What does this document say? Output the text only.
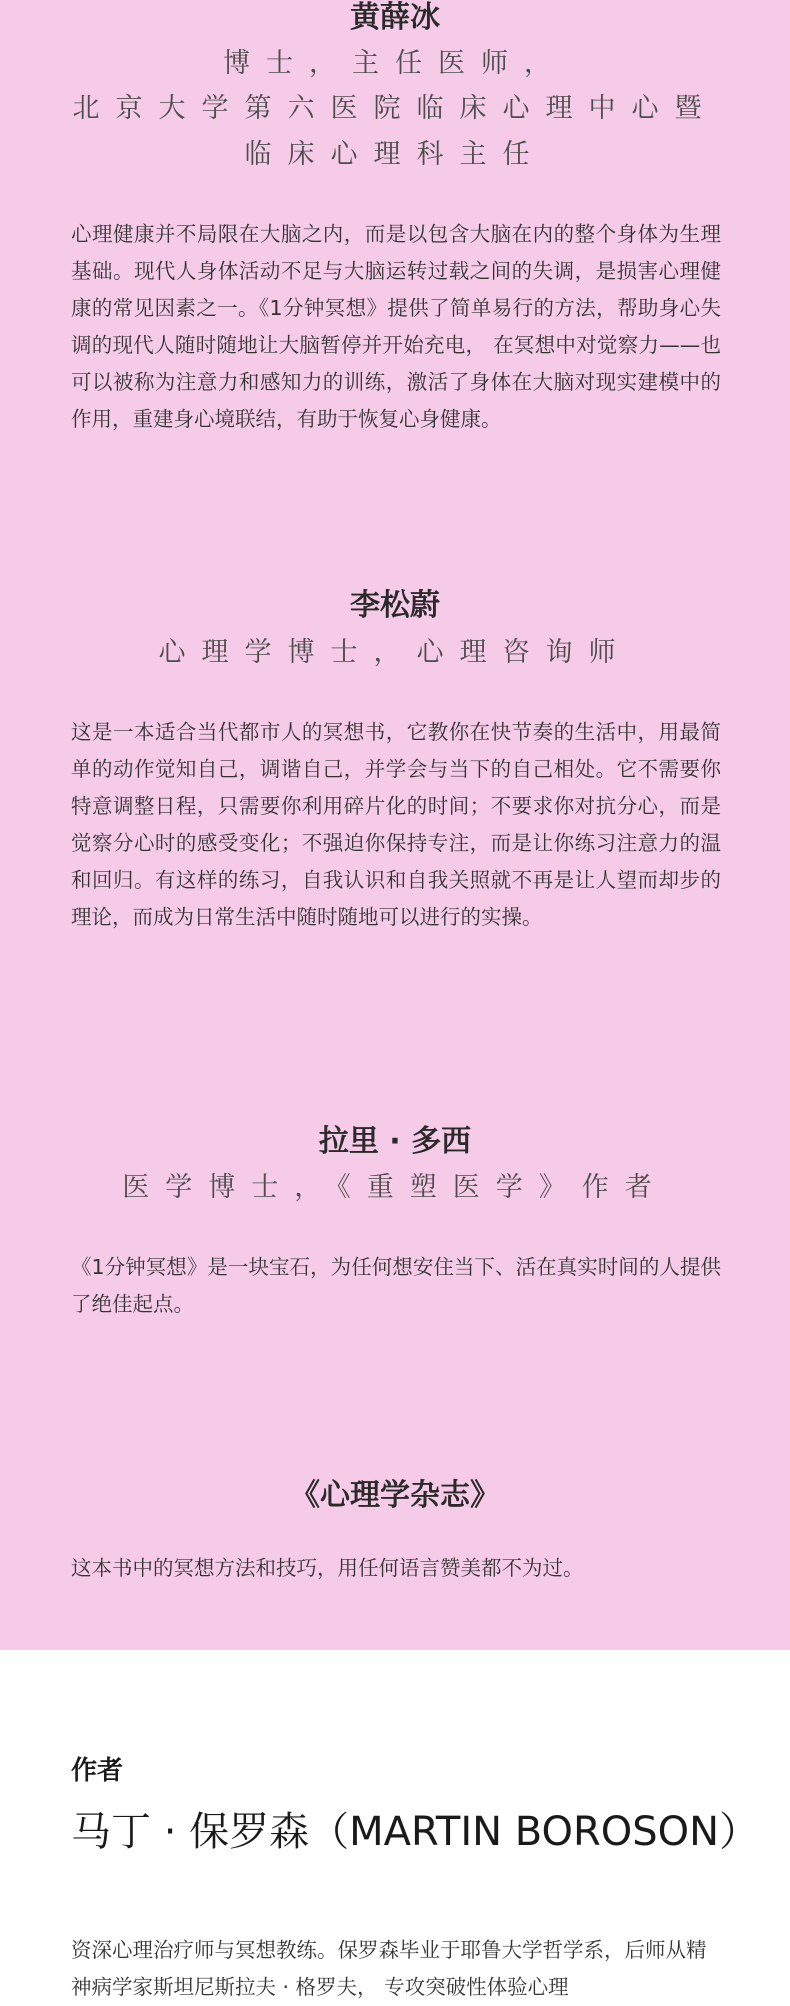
黄薛冰
博士，主任医师，
北京大学第六医院临床心理中心暨
临床心理科主任

心理健康并不局限在大脑之内，而是以包含大脑在内的整个身体为生理基础。现代人身体活动不足与大脑运转过载之间的失调，是损害心理健康的常见因素之一。《1分钟冥想》提供了简单易行的方法，帮助身心失调的现代人随时随地让大脑暂停并开始充电， 在冥想中对觉察力——也可以被称为注意力和感知力的训练，激活了身体在大脑对现实建模中的作用，重建身心境联结，有助于恢复心身健康。

李松蔚
心理学博士，心理咨询师

这是一本适合当代都市人的冥想书，它教你在快节奏的生活中，用最简单的动作觉知自己，调谐自己，并学会与当下的自己相处。它不需要你特意调整日程，只需要你利用碎片化的时间；不要求你对抗分心，而是觉察分心时的感受变化；不强迫你保持专注，而是让你练习注意力的温和回归。有这样的练习，自我认识和自我关照就不再是让人望而却步的理论，而成为日常生活中随时随地可以进行的实操。

拉里 · 多西
医学博士，《重塑医学》作者

《1分钟冥想》是一块宝石，为任何想安住当下、活在真实时间的人提供了绝佳起点。

《心理学杂志》

这本书中的冥想方法和技巧，用任何语言赞美都不为过。

作者
马丁 · 保罗森（MARTIN BOROSON）

资深心理治疗师与冥想教练。保罗森毕业于耶鲁大学哲学系，后师从精神病学家斯坦尼斯拉夫 · 格罗夫， 专攻突破性体验心理
